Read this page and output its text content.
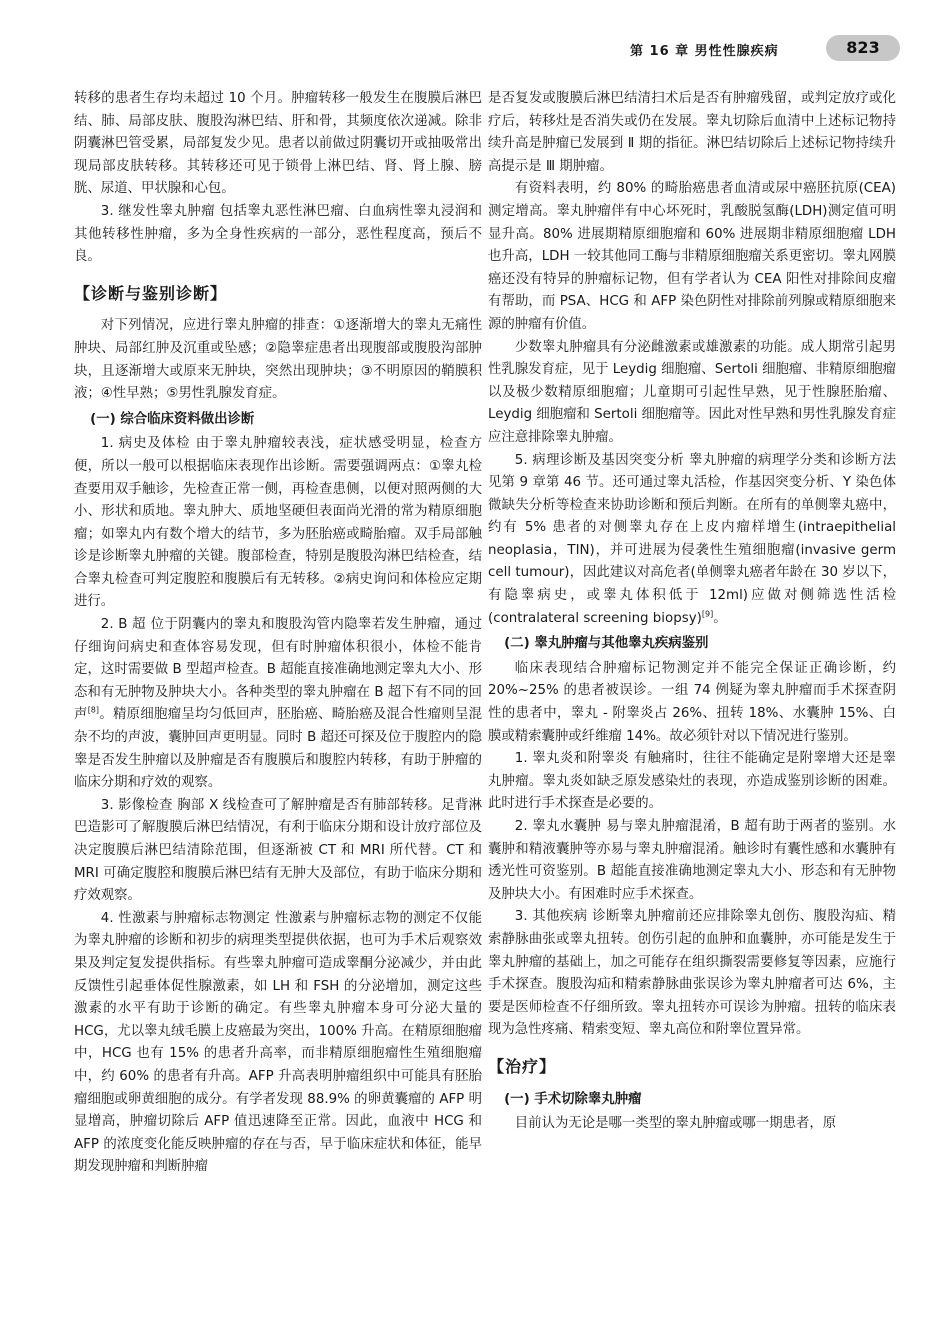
第 16 章 男性性腺疾病	823

转移的患者生存均未超过 10 个月。肿瘤转移一般发生在腹膜后淋巴结、肺、局部皮肤、腹股沟淋巴结、肝和骨，其频度依次递减。除非阴囊淋巴管受累，局部复发少见。患者以前做过阴囊切开或抽吸常出现局部皮肤转移。其转移还可见于锁骨上淋巴结、肾、肾上腺、膀胱、尿道、甲状腺和心包。

3. 继发性睾丸肿瘤 包括睾丸恶性淋巴瘤、白血病性睾丸浸润和其他转移性肿瘤，多为全身性疾病的一部分，恶性程度高，预后不良。

【诊断与鉴别诊断】

对下列情况，应进行睾丸肿瘤的排查：①逐渐增大的睾丸无痛性肿块、局部红肿及沉重或坠感；②隐睾症患者出现腹部或腹股沟部肿块，且逐渐增大或原来无肿块，突然出现肿块；③不明原因的鞘膜积液；④性早熟；⑤男性乳腺发育症。

(一) 综合临床资料做出诊断

1. 病史及体检 由于睾丸肿瘤较表浅，症状感受明显，检查方便，所以一般可以根据临床表现作出诊断。需要强调两点：①睾丸检查要用双手触诊，先检查正常一侧，再检查患侧，以便对照两侧的大小、形状和质地。睾丸肿大、质地坚硬但表面尚光滑的常为精原细胞瘤；如睾丸内有数个增大的结节，多为胚胎癌或畸胎瘤。双手局部触诊是诊断睾丸肿瘤的关键。腹部检查，特别是腹股沟淋巴结检查，结合睾丸检查可判定腹腔和腹膜后有无转移。②病史询问和体检应定期进行。

2. B 超 位于阴囊内的睾丸和腹股沟管内隐睾若发生肿瘤，通过仔细询问病史和查体容易发现，但有时肿瘤体积很小，体检不能肯定，这时需要做 B 型超声检查。B 超能直接准确地测定睾丸大小、形态和有无肿物及肿块大小。各种类型的睾丸肿瘤在 B 超下有不同的回声[8]。精原细胞瘤呈均匀低回声，胚胎癌、畸胎癌及混合性瘤则呈混杂不均的声波，囊肿回声更明显。同时 B 超还可探及位于腹腔内的隐睾是否发生肿瘤以及肿瘤是否有腹膜后和腹腔内转移，有助于肿瘤的临床分期和疗效的观察。

3. 影像检查 胸部 X 线检查可了解肿瘤是否有肺部转移。足背淋巴造影可了解腹膜后淋巴结情况，有利于临床分期和设计放疗部位及决定腹膜后淋巴结清除范围，但逐渐被 CT 和 MRI 所代替。CT 和 MRI 可确定腹腔和腹膜后淋巴结有无肿大及部位，有助于临床分期和疗效观察。

4. 性激素与肿瘤标志物测定 性激素与肿瘤标志物的测定不仅能为睾丸肿瘤的诊断和初步的病理类型提供依据，也可为手术后观察效果及判定复发提供指标。有些睾丸肿瘤可造成睾酮分泌减少，并由此反馈性引起垂体促性腺激素，如 LH 和 FSH 的分泌增加，测定这些激素的水平有助于诊断的确定。有些睾丸肿瘤本身可分泌大量的 HCG，尤以睾丸绒毛膜上皮癌最为突出，100% 升高。在精原细胞瘤中，HCG 也有 15% 的患者升高率，而非精原细胞瘤性生殖细胞瘤中，约 60% 的患者有升高。AFP 升高表明肿瘤组织中可能具有胚胎瘤细胞或卵黄细胞的成分。有学者发现 88.9% 的卵黄囊瘤的 AFP 明显增高，肿瘤切除后 AFP 值迅速降至正常。因此，血液中 HCG 和 AFP 的浓度变化能反映肿瘤的存在与否，早于临床症状和体征，能早期发现肿瘤和判断肿瘤

是否复发或腹膜后淋巴结清扫术后是否有肿瘤残留，或判定放疗或化疗后，转移灶是否消失或仍在发展。睾丸切除后血清中上述标记物持续升高是肿瘤已发展到 Ⅱ 期的指征。淋巴结切除后上述标记物持续升高提示是 Ⅲ 期肿瘤。

有资料表明，约 80% 的畸胎癌患者血清或尿中癌胚抗原(CEA)测定增高。睾丸肿瘤伴有中心坏死时，乳酸脱氢酶(LDH)测定值可明显升高。80% 进展期精原细胞瘤和 60% 进展期非精原细胞瘤 LDH 也升高，LDH 一较其他同工酶与非精原细胞瘤关系更密切。睾丸网膜癌还没有特异的肿瘤标记物，但有学者认为 CEA 阳性对排除间皮瘤有帮助，而 PSA、HCG 和 AFP 染色阴性对排除前列腺或精原细胞来源的肿瘤有价值。

少数睾丸肿瘤具有分泌雌激素或雄激素的功能。成人期常引起男性乳腺发育症，见于 Leydig 细胞瘤、Sertoli 细胞瘤、非精原细胞瘤以及极少数精原细胞瘤；儿童期可引起性早熟，见于性腺胚胎瘤、Leydig 细胞瘤和 Sertoli 细胞瘤等。因此对性早熟和男性乳腺发育症应注意排除睾丸肿瘤。

5. 病理诊断及基因突变分析 睾丸肿瘤的病理学分类和诊断方法见第 9 章第 46 节。还可通过睾丸活检，作基因突变分析、Y 染色体微缺失分析等检查来协助诊断和预后判断。在所有的单侧睾丸癌中，约有 5% 患者的对侧睾丸存在上皮内瘤样增生(intraepithelial neoplasia，TIN)，并可进展为侵袭性生殖细胞瘤(invasive germ cell tumour)，因此建议对高危者(单侧睾丸癌者年龄在 30 岁以下，有隐睾病史，或睾丸体积低于 12ml)应做对侧筛选性活检(contralateral screening biopsy)[9]。

(二) 睾丸肿瘤与其他睾丸疾病鉴别

临床表现结合肿瘤标记物测定并不能完全保证正确诊断，约 20%~25% 的患者被误诊。一组 74 例疑为睾丸肿瘤而手术探查阴性的患者中，睾丸 - 附睾炎占 26%、扭转 18%、水囊肿 15%、白膜或精索囊肿或纤维瘤 14%。故必须针对以下情况进行鉴别。

1. 睾丸炎和附睾炎 有触痛时，往往不能确定是附睾增大还是睾丸肿瘤。睾丸炎如缺乏原发感染灶的表现，亦造成鉴别诊断的困难。此时进行手术探查是必要的。

2. 睾丸水囊肿 易与睾丸肿瘤混淆，B 超有助于两者的鉴别。水囊肿和精液囊肿等亦易与睾丸肿瘤混淆。触诊时有囊性感和水囊肿有透光性可资鉴别。B 超能直接准确地测定睾丸大小、形态和有无肿物及肿块大小。有困难时应手术探查。

3. 其他疾病 诊断睾丸肿瘤前还应排除睾丸创伤、腹股沟疝、精索静脉曲张或睾丸扭转。创伤引起的血肿和血囊肿，亦可能是发生于睾丸肿瘤的基础上，加之可能存在组织撕裂需要修复等因素，应施行手术探查。腹股沟疝和精索静脉曲张误诊为睾丸肿瘤者可达 6%，主要是医师检查不仔细所致。睾丸扭转亦可误诊为肿瘤。扭转的临床表现为急性疼痛、精索变短、睾丸高位和附睾位置异常。

【治疗】
(一) 手术切除睾丸肿瘤

目前认为无论是哪一类型的睾丸肿瘤或哪一期患者，原
